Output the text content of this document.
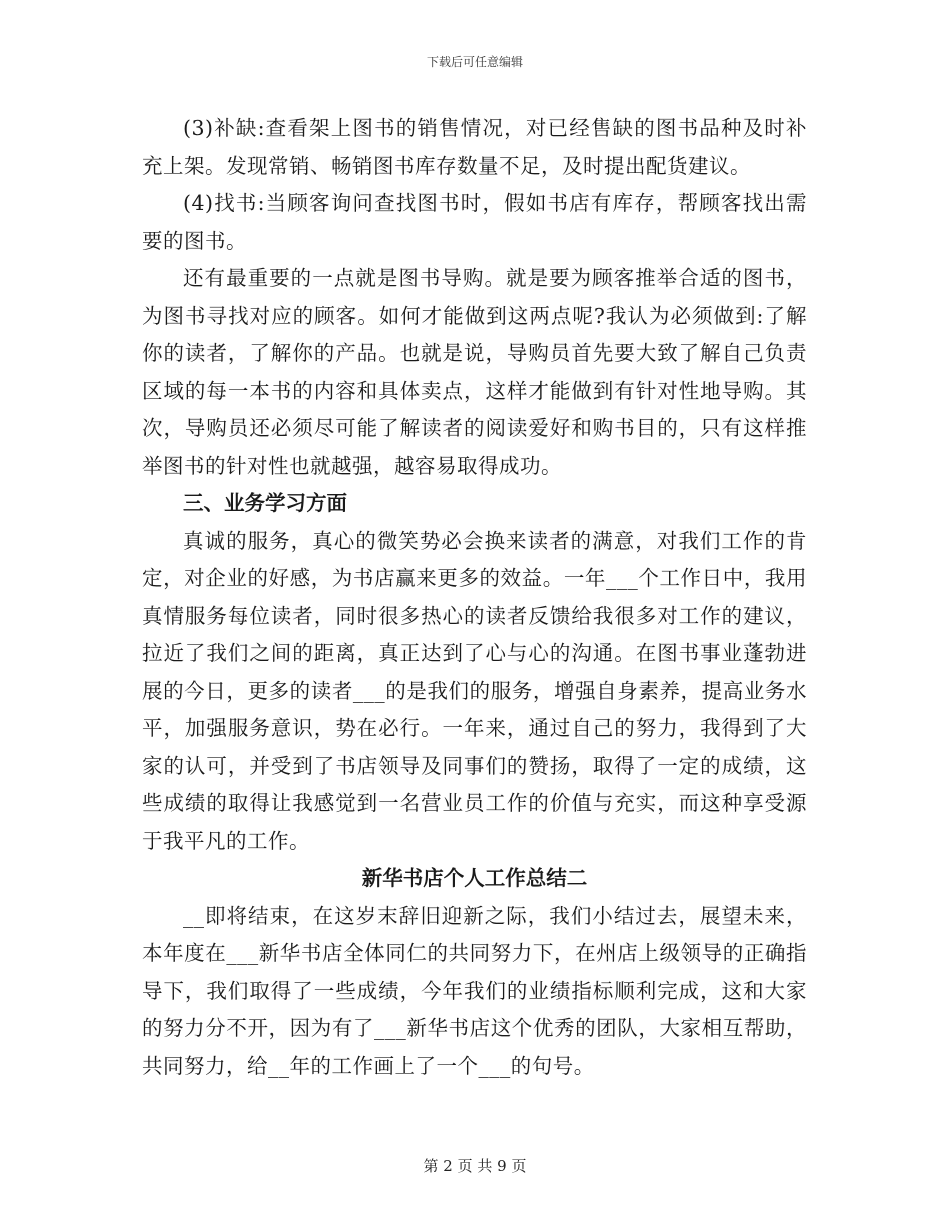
下载后可任意编辑

(3)补缺:查看架上图书的销售情况，对已经售缺的图书品种及时补充上架。发现常销、畅销图书库存数量不足，及时提出配货建议。

(4)找书:当顾客询问查找图书时，假如书店有库存，帮顾客找出需要的图书。

还有最重要的一点就是图书导购。就是要为顾客推举合适的图书，为图书寻找对应的顾客。如何才能做到这两点呢?我认为必须做到:了解你的读者，了解你的产品。也就是说，导购员首先要大致了解自己负责区域的每一本书的内容和具体卖点，这样才能做到有针对性地导购。其次，导购员还必须尽可能了解读者的阅读爱好和购书目的，只有这样推举图书的针对性也就越强，越容易取得成功。

三、业务学习方面

真诚的服务，真心的微笑势必会换来读者的满意，对我们工作的肯定，对企业的好感，为书店赢来更多的效益。一年___个工作日中，我用真情服务每位读者，同时很多热心的读者反馈给我很多对工作的建议，拉近了我们之间的距离，真正达到了心与心的沟通。在图书事业蓬勃进展的今日，更多的读者___的是我们的服务，增强自身素养，提高业务水平，加强服务意识，势在必行。一年来，通过自己的努力，我得到了大家的认可，并受到了书店领导及同事们的赞扬，取得了一定的成绩，这些成绩的取得让我感觉到一名营业员工作的价值与充实，而这种享受源于我平凡的工作。

新华书店个人工作总结二

__即将结束，在这岁末辞旧迎新之际，我们小结过去，展望未来，本年度在___新华书店全体同仁的共同努力下，在州店上级领导的正确指导下，我们取得了一些成绩，今年我们的业绩指标顺利完成，这和大家的努力分不开，因为有了___新华书店这个优秀的团队，大家相互帮助，共同努力，给__年的工作画上了一个___的句号。

第 2 页 共 9 页
